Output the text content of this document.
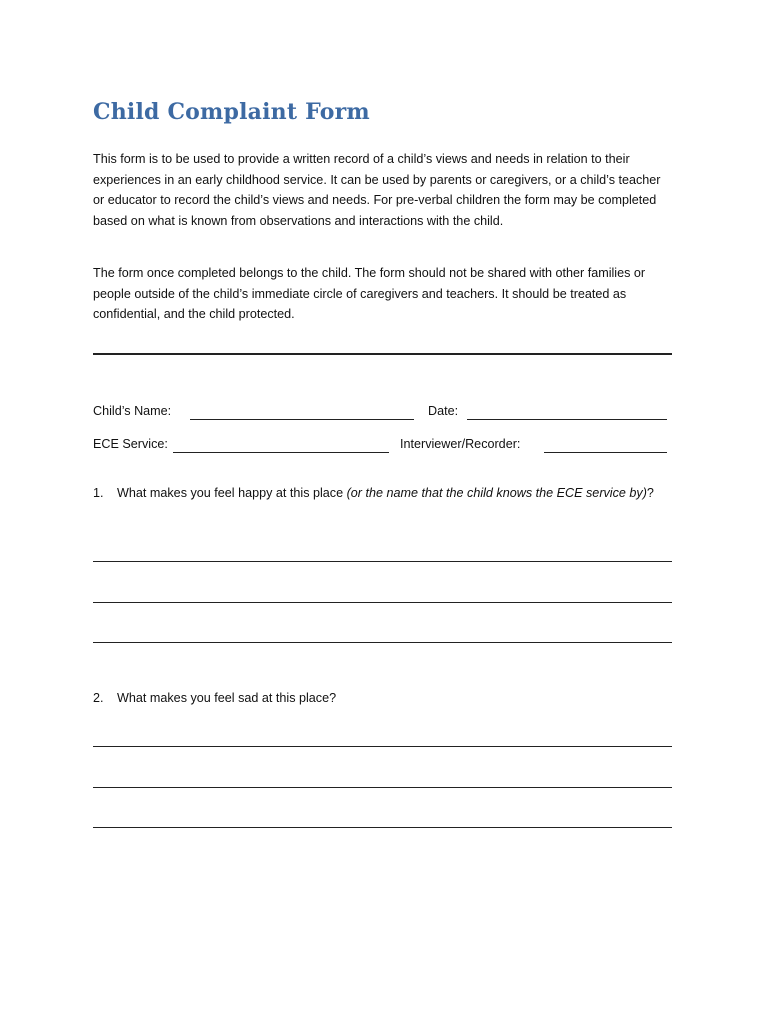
Child Complaint Form

This form is to be used to provide a written record of a child’s views and needs in relation to their experiences in an early childhood service. It can be used by parents or caregivers, or a child’s teacher or educator to record the child’s views and needs. For pre-verbal children the form may be completed based on what is known from observations and interactions with the child.

The form once completed belongs to the child. The form should not be shared with other families or people outside of the child’s immediate circle of caregivers and teachers. It should be treated as confidential, and the child protected.

Child’s Name:	Date:
ECE Service:	Interviewer/Recorder:
1. What makes you feel happy at this place (or the name that the child knows the ECE service by)?
2. What makes you feel sad at this place?
